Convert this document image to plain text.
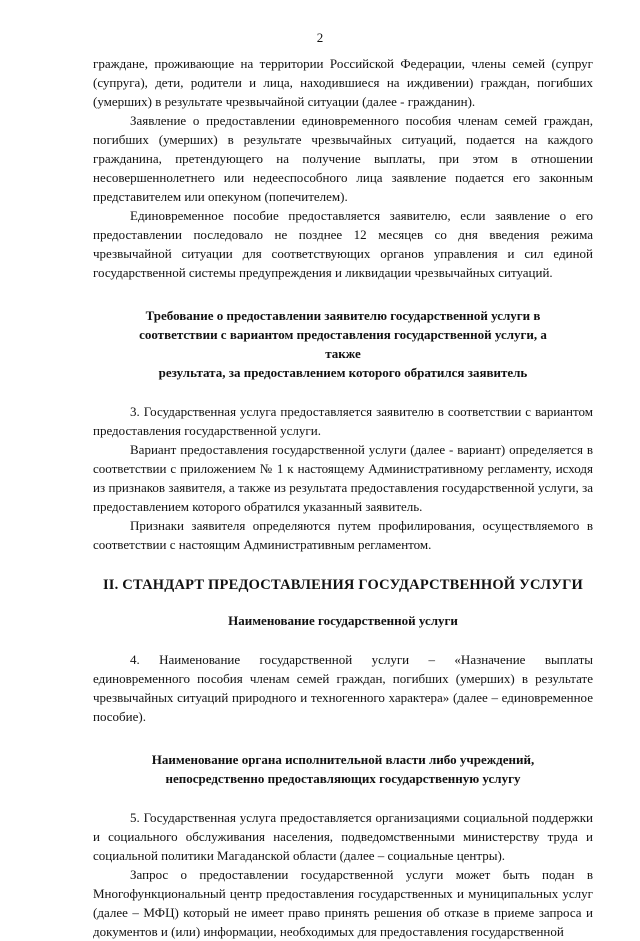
2

граждане, проживающие на территории Российской Федерации, члены семей (супруг (супруга), дети, родители и лица, находившиеся на иждивении) граждан, погибших (умерших) в результате чрезвычайной ситуации (далее - гражданин).

Заявление о предоставлении единовременного пособия членам семей граждан, погибших (умерших) в результате чрезвычайных ситуаций, подается на каждого гражданина, претендующего на получение выплаты, при этом в отношении несовершеннолетнего или недееспособного лица заявление подается его законным представителем или опекуном (попечителем).

Единовременное пособие предоставляется заявителю, если заявление о его предоставлении последовало не позднее 12 месяцев со дня введения режима чрезвычайной ситуации для соответствующих органов управления и сил единой государственной системы предупреждения и ликвидации чрезвычайных ситуаций.

Требование о предоставлении заявителю государственной услуги в
соответствии с вариантом предоставления государственной услуги, а также
результата, за предоставлением которого обратился заявитель

3. Государственная услуга предоставляется заявителю в соответствии с вариантом предоставления государственной услуги.

Вариант предоставления государственной услуги (далее - вариант) определяется в соответствии с приложением № 1 к настоящему Административному регламенту, исходя из признаков заявителя, а также из результата предоставления государственной услуги, за предоставлением которого обратился указанный заявитель.

Признаки заявителя определяются путем профилирования, осуществляемого в соответствии с настоящим Административным регламентом.

II. СТАНДАРТ ПРЕДОСТАВЛЕНИЯ ГОСУДАРСТВЕННОЙ УСЛУГИ
Наименование государственной услуги

4. Наименование государственной услуги – «Назначение выплаты единовременного пособия членам семей граждан, погибших (умерших) в результате чрезвычайных ситуаций природного и техногенного характера» (далее – единовременное пособие).

Наименование органа исполнительной власти либо учреждений,
непосредственно предоставляющих государственную услугу

5. Государственная услуга предоставляется организациями социальной поддержки и социального обслуживания населения, подведомственными министерству труда и социальной политики Магаданской области (далее – социальные центры).

Запрос о предоставлении государственной услуги может быть подан в Многофункциональный центр предоставления государственных и муниципальных услуг (далее – МФЦ) который не имеет право принять решения об отказе в приеме запроса и документов и (или) информации, необходимых для предоставления государственной
